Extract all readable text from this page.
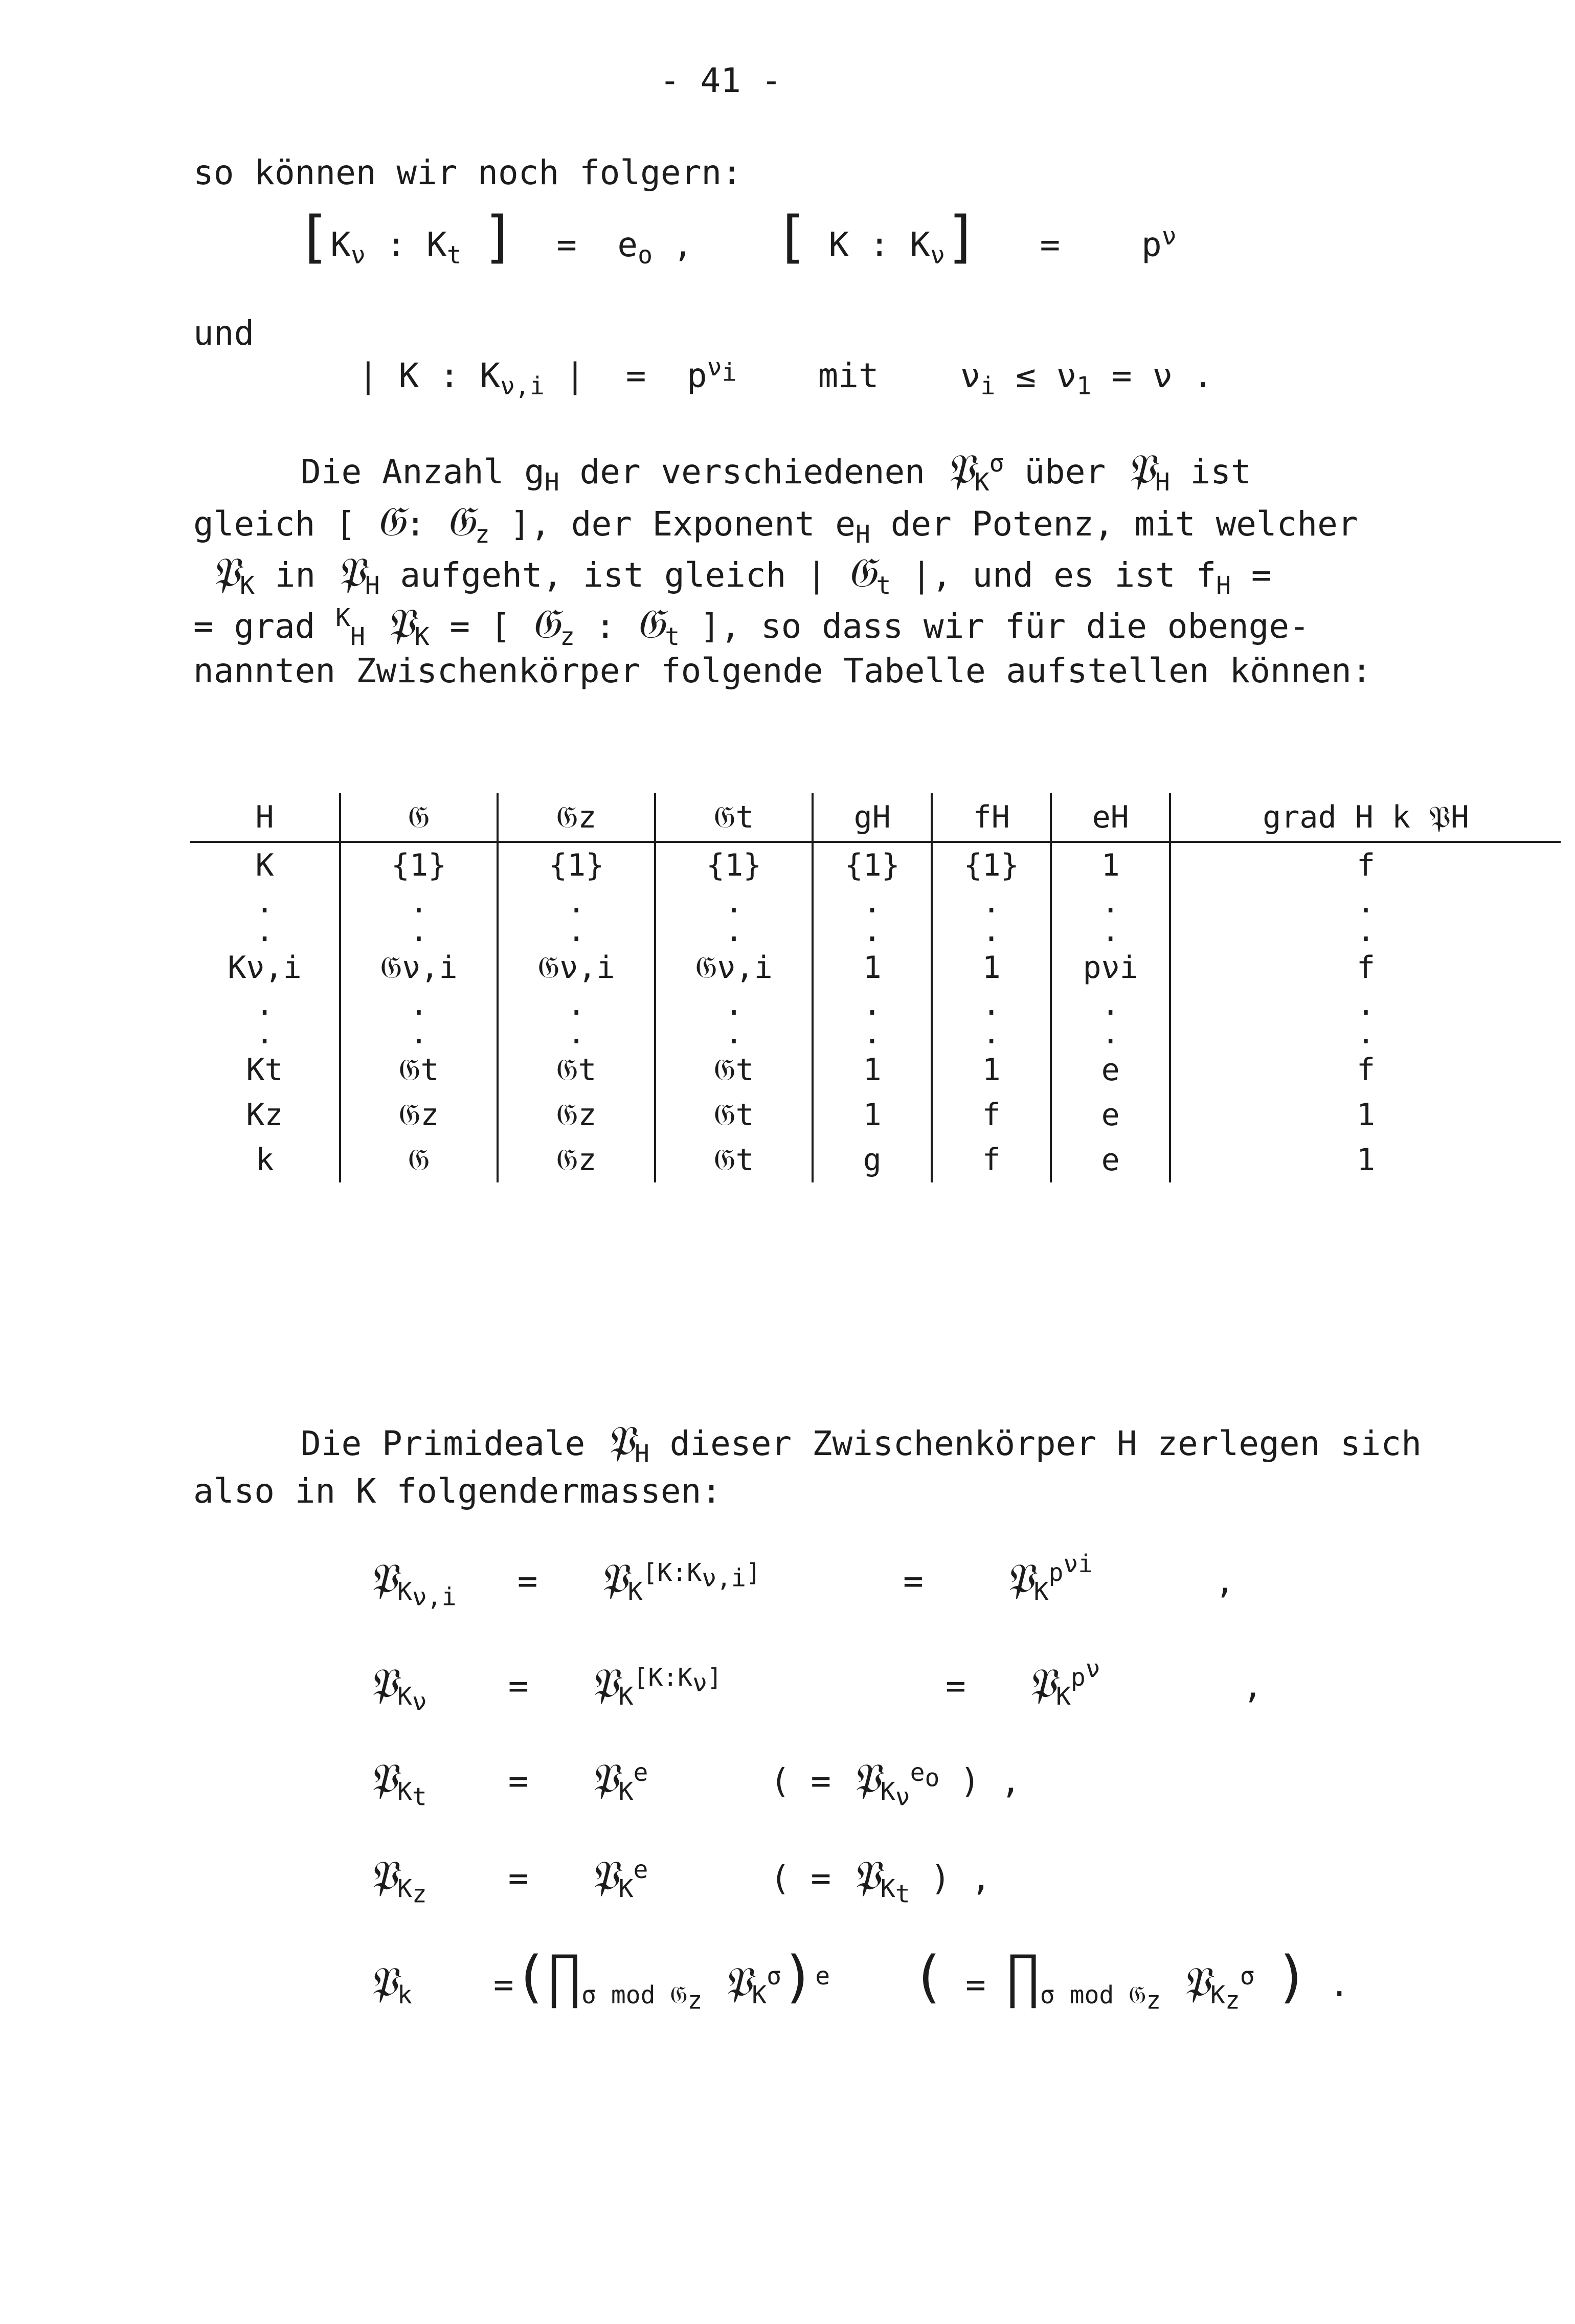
- 41 -
so können wir noch folgern:
[$K_\nu$ : $K_t$ ]  =  $e_o$ ,    [ K : $K_\nu$]   =    $p^\nu$
und
| K : $K_{\nu,i}$ |  =  $p^{\nu_i}$ mit    $\nu_i \le \nu_1 = \nu$ .
Die Anzahl $g_H$ der verschiedenen 𝔓$_K^\sigma$ über 𝔓$_H$ ist
gleich [ 𝔊: 𝔊$_z$ ], der Exponent $e_H$ der Potenz, mit welcher
𝔓$_K$ in 𝔓$_H$ aufgeht, ist gleich | 𝔊$_t$ |, und es ist $f_H$ =
= grad $^K_H$ 𝔓$_K$ = [ 𝔊$_z$ : 𝔊$_t$ ], so dass wir für die obenge-
nannten Zwischenkörper folgende Tabelle aufstellen können:
H	𝔊	𝔊z	𝔊t	gH	fH	eH	grad H k 𝔓H
K	{1}	{1}	{1}	{1}	{1}	1	f
.	.	.	.	.	.	.	.
.	.	.	.	.	.	.	.
Kν,i	𝔊ν,i	𝔊ν,i	𝔊ν,i	1	1	pνi	f
.	.	.	.	.	.	.	.
.	.	.	.	.	.	.	.
Kt	𝔊t	𝔊t	𝔊t	1	1	e	f
Kz	𝔊z	𝔊z	𝔊t	1	f	e	1
k	𝔊	𝔊z	𝔊t	g	f	e	1
Die Primideale 𝔓$_H$ dieser Zwischenkörper H zerlegen sich
also in K folgendermassen:
𝔓$_{K_{\nu,i}}$   =   𝔓$_K$[K:Kν,i]       =    𝔓$_K^{p^{\nu i}}$      ,
𝔓$_{K_\nu}$    =   𝔓$_K$[K:Kν]           =   𝔓$_K^{p^\nu}$       ,
𝔓$_{K_t}$    =   𝔓$_K^e$      ( = 𝔓$_{K_\nu}^{e_o}$ ) ,
𝔓$_{K_z}$    =   𝔓$_K^e$      ( = 𝔓$_{K_t}$ ) ,
𝔓$_k$    $=(\prod_{\sigma mod 𝔊_z}$ 𝔓$_K^\sigma$)$^e$ ( = $\prod_{\sigma mod 𝔊_z}$ 𝔓$_{K_z}^\sigma$ ) .
